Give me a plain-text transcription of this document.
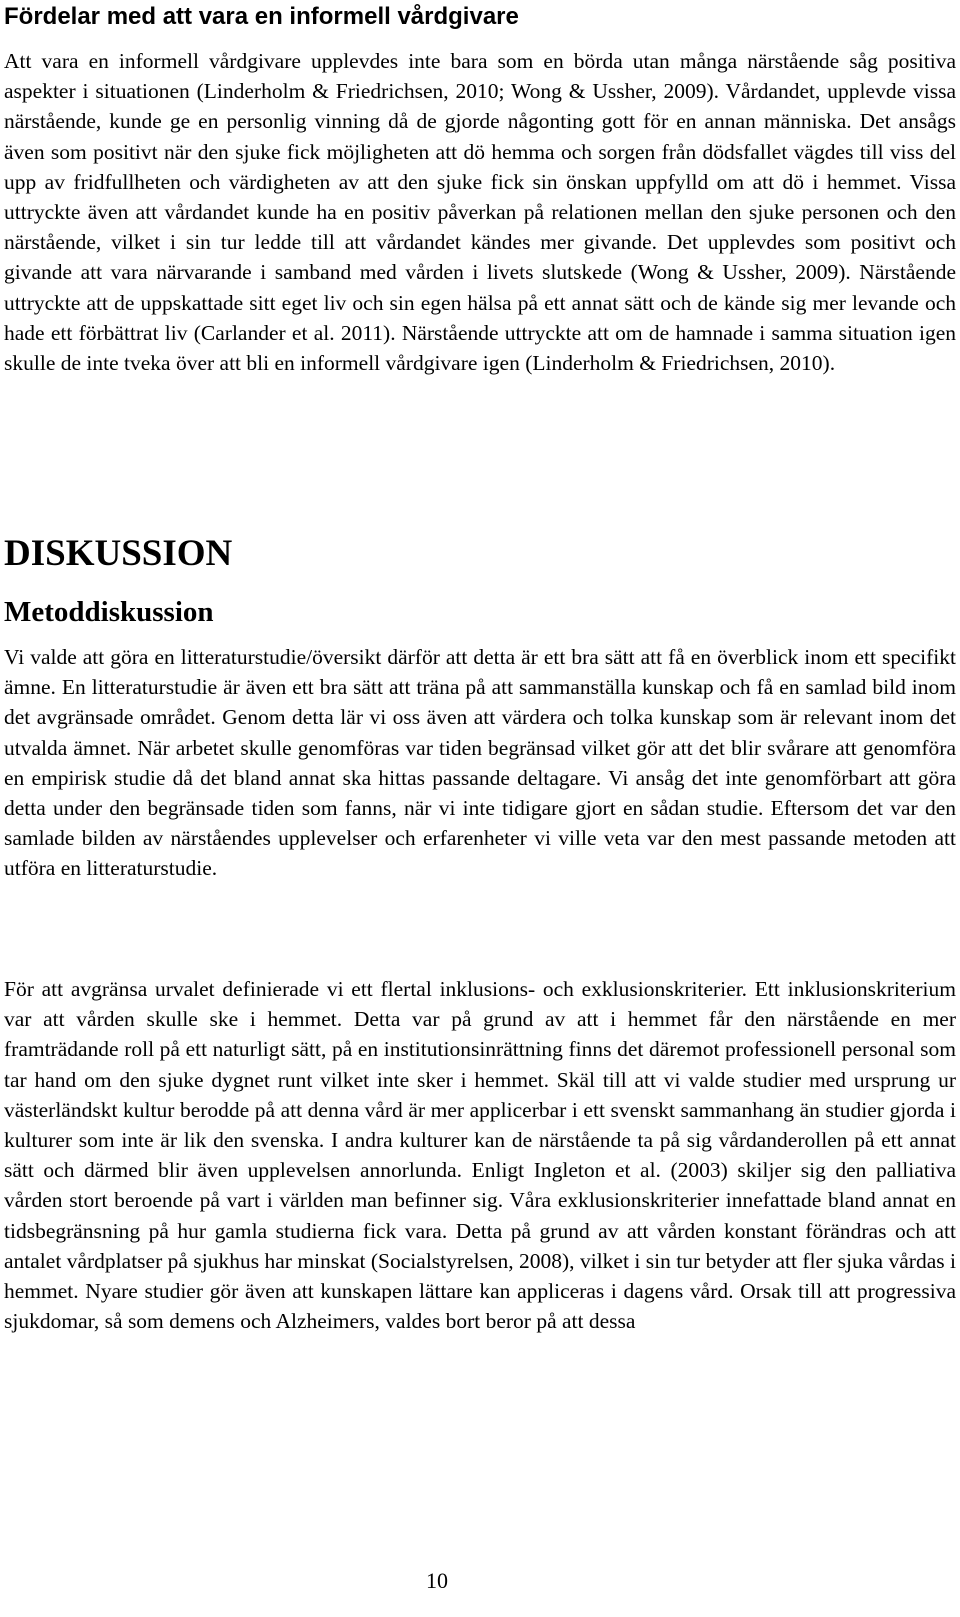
Fördelar med att vara en informell vårdgivare

Att vara en informell vårdgivare upplevdes inte bara som en börda utan många närstående såg positiva aspekter i situationen (Linderholm & Friedrichsen, 2010; Wong & Ussher, 2009). Vårdandet, upplevde vissa närstående, kunde ge en personlig vinning då de gjorde någonting gott för en annan människa. Det ansågs även som positivt när den sjuke fick möjligheten att dö hemma och sorgen från dödsfallet vägdes till viss del upp av fridfullheten och värdigheten av att den sjuke fick sin önskan uppfylld om att dö i hemmet. Vissa uttryckte även att vårdandet kunde ha en positiv påverkan på relationen mellan den sjuke personen och den närstående, vilket i sin tur ledde till att vårdandet kändes mer givande. Det upplevdes som positivt och givande att vara närvarande i samband med vården i livets slutskede (Wong & Ussher, 2009). Närstående uttryckte att de uppskattade sitt eget liv och sin egen hälsa på ett annat sätt och de kände sig mer levande och hade ett förbättrat liv (Carlander et al. 2011). Närstående uttryckte att om de hamnade i samma situation igen skulle de inte tveka över att bli en informell vårdgivare igen (Linderholm & Friedrichsen, 2010).

DISKUSSION
Metoddiskussion

Vi valde att göra en litteraturstudie/översikt därför att detta är ett bra sätt att få en överblick inom ett specifikt ämne. En litteraturstudie är även ett bra sätt att träna på att sammanställa kunskap och få en samlad bild inom det avgränsade området. Genom detta lär vi oss även att värdera och tolka kunskap som är relevant inom det utvalda ämnet. När arbetet skulle genomföras var tiden begränsad vilket gör att det blir svårare att genomföra en empirisk studie då det bland annat ska hittas passande deltagare. Vi ansåg det inte genomförbart att göra detta under den begränsade tiden som fanns, när vi inte tidigare gjort en sådan studie. Eftersom det var den samlade bilden av närståendes upplevelser och erfarenheter vi ville veta var den mest passande metoden att utföra en litteraturstudie.

För att avgränsa urvalet definierade vi ett flertal inklusions- och exklusionskriterier. Ett inklusionskriterium var att vården skulle ske i hemmet. Detta var på grund av att i hemmet får den närstående en mer framträdande roll på ett naturligt sätt, på en institutionsinrättning finns det däremot professionell personal som tar hand om den sjuke dygnet runt vilket inte sker i hemmet. Skäl till att vi valde studier med ursprung ur västerländskt kultur berodde på att denna vård är mer applicerbar i ett svenskt sammanhang än studier gjorda i kulturer som inte är lik den svenska. I andra kulturer kan de närstående ta på sig vårdanderollen på ett annat sätt och därmed blir även upplevelsen annorlunda. Enligt Ingleton et al. (2003) skiljer sig den palliativa vården stort beroende på vart i världen man befinner sig. Våra exklusionskriterier innefattade bland annat en tidsbegränsning på hur gamla studierna fick vara. Detta på grund av att vården konstant förändras och att antalet vårdplatser på sjukhus har minskat (Socialstyrelsen, 2008), vilket i sin tur betyder att fler sjuka vårdas i hemmet. Nyare studier gör även att kunskapen lättare kan appliceras i dagens vård. Orsak till att progressiva sjukdomar, så som demens och Alzheimers, valdes bort beror på att dessa

10
